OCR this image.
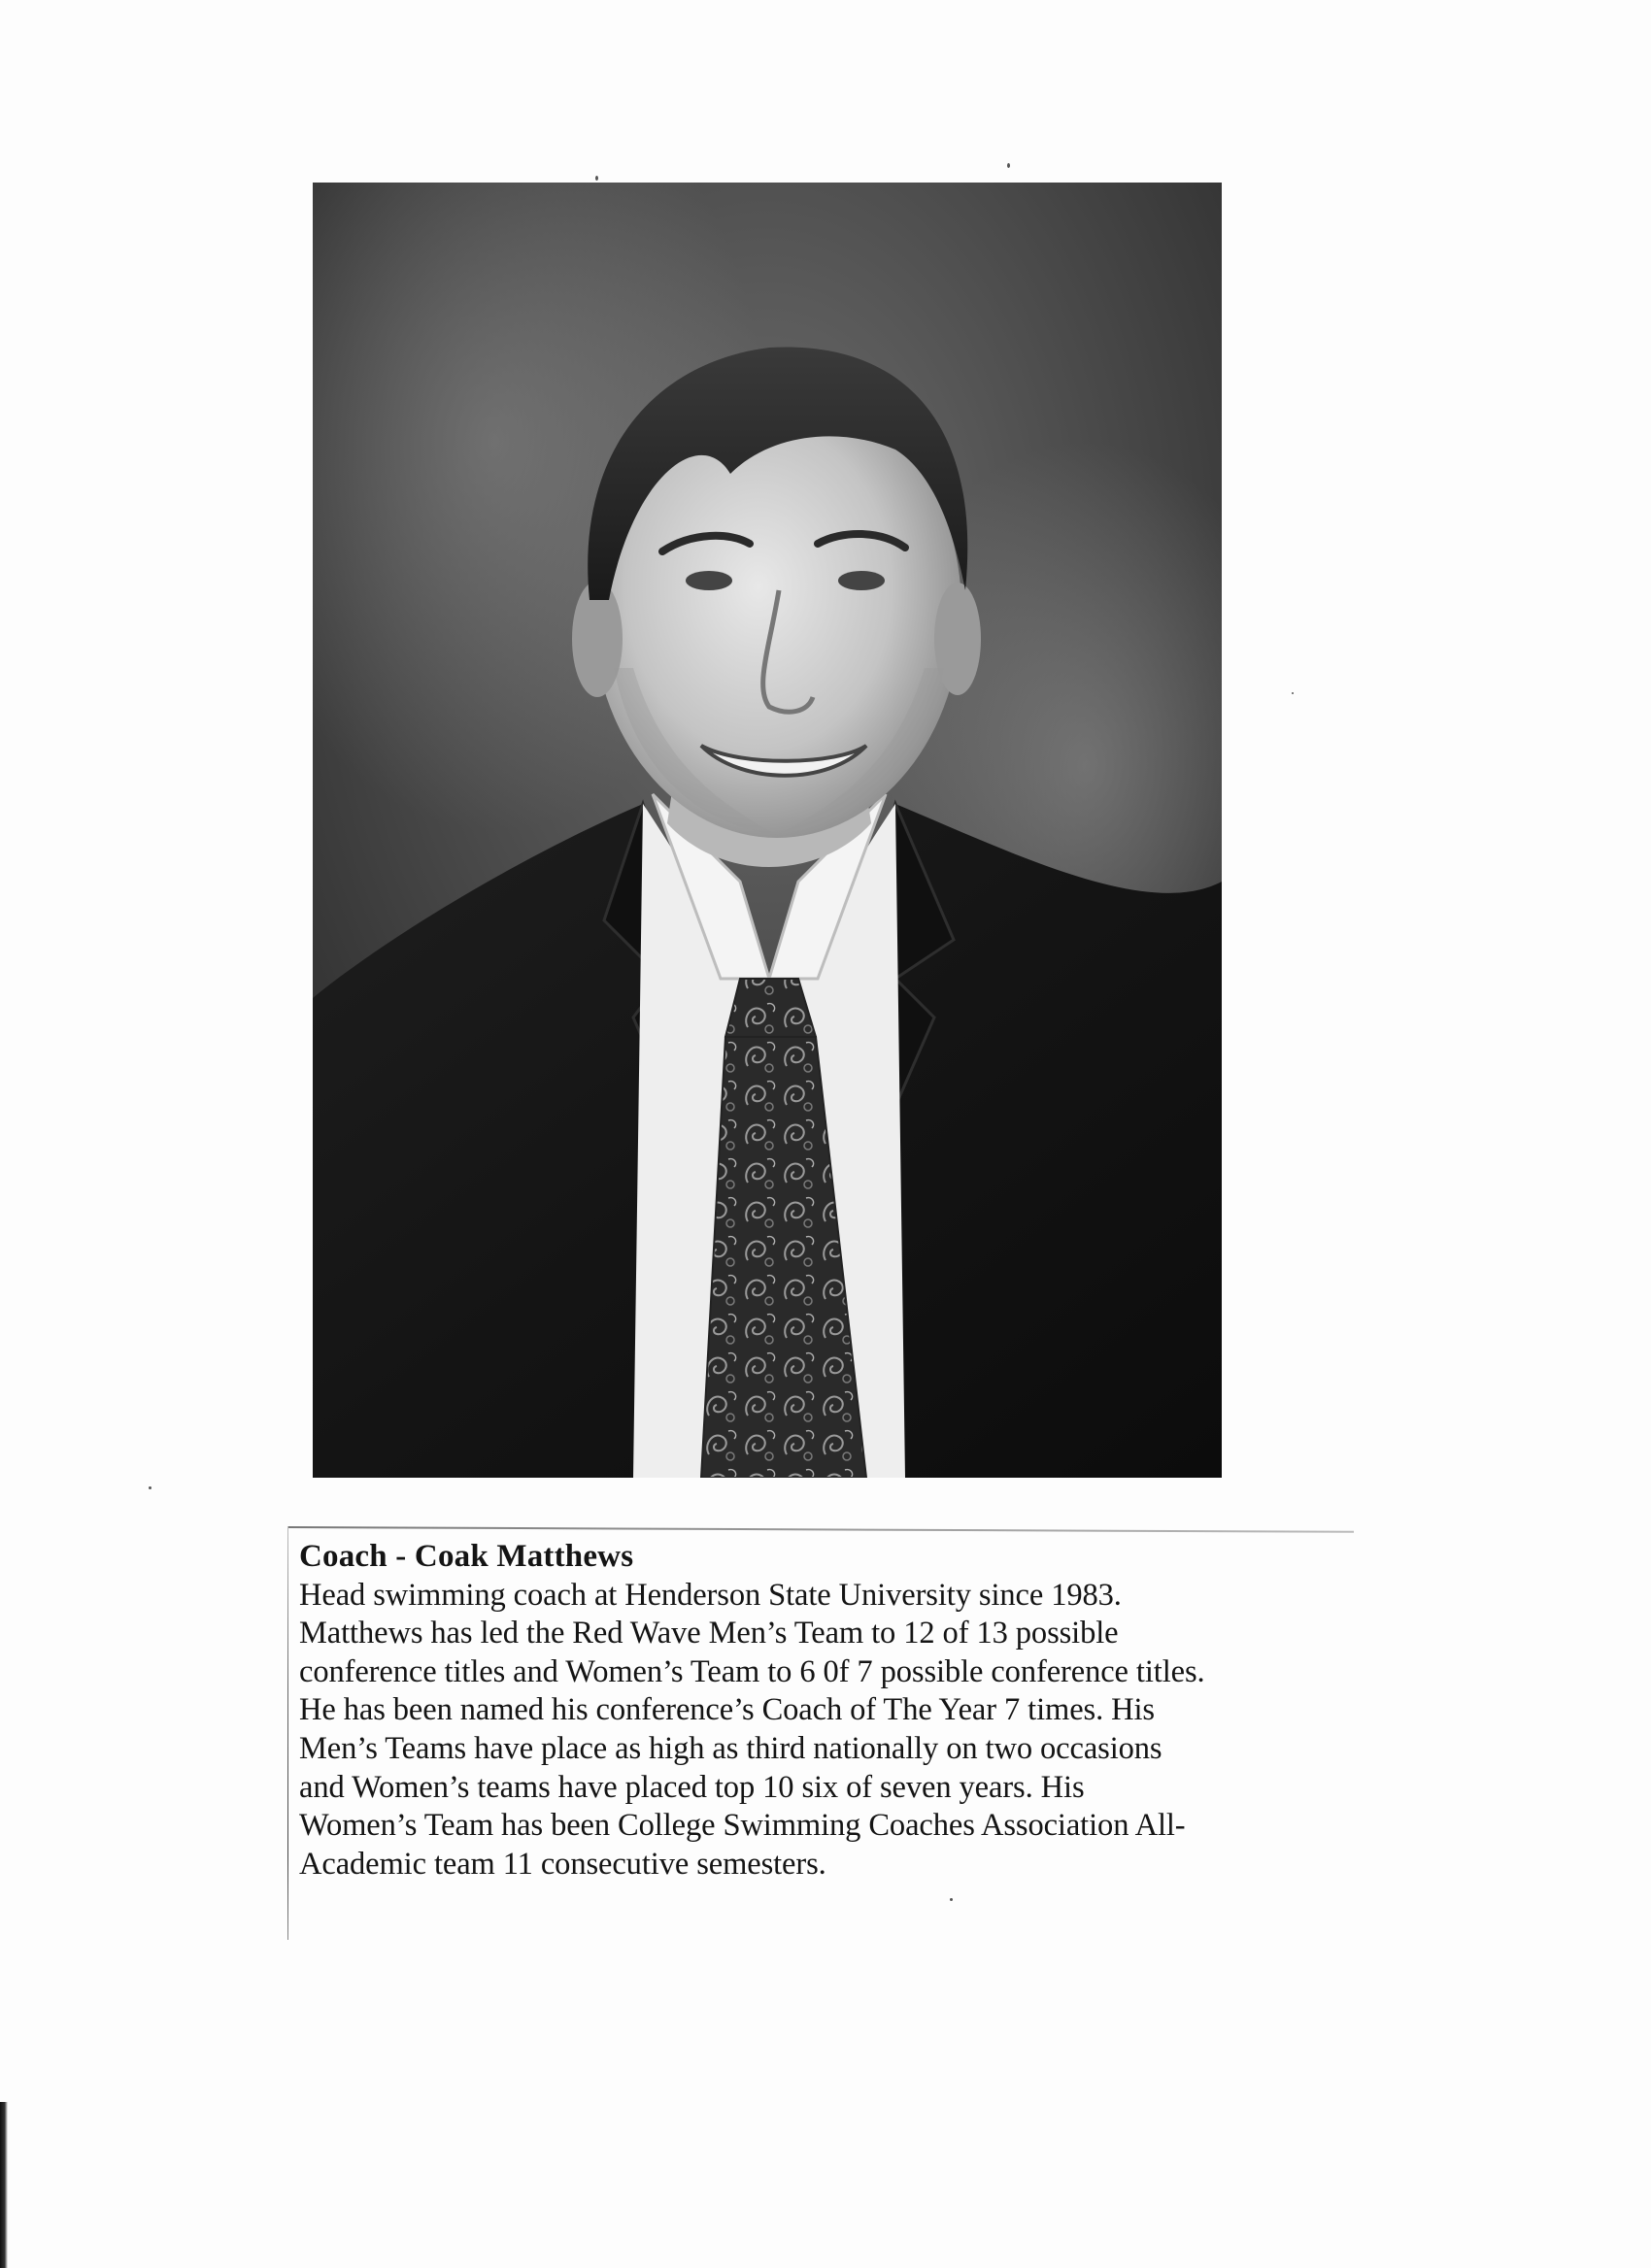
Coach - Coak Matthews
Head swimming coach at Henderson State University since 1983.
Matthews has led the Red Wave Men’s Team to 12 of 13 possible
conference titles and Women’s Team to 6 0f 7 possible conference titles.
He has been named his conference’s Coach of The Year 7 times. His
Men’s Teams have place as high as third nationally on two occasions
and Women’s teams have placed top 10 six of seven years. His
Women’s Team has been College Swimming Coaches Association All-
Academic team 11 consecutive semesters.
